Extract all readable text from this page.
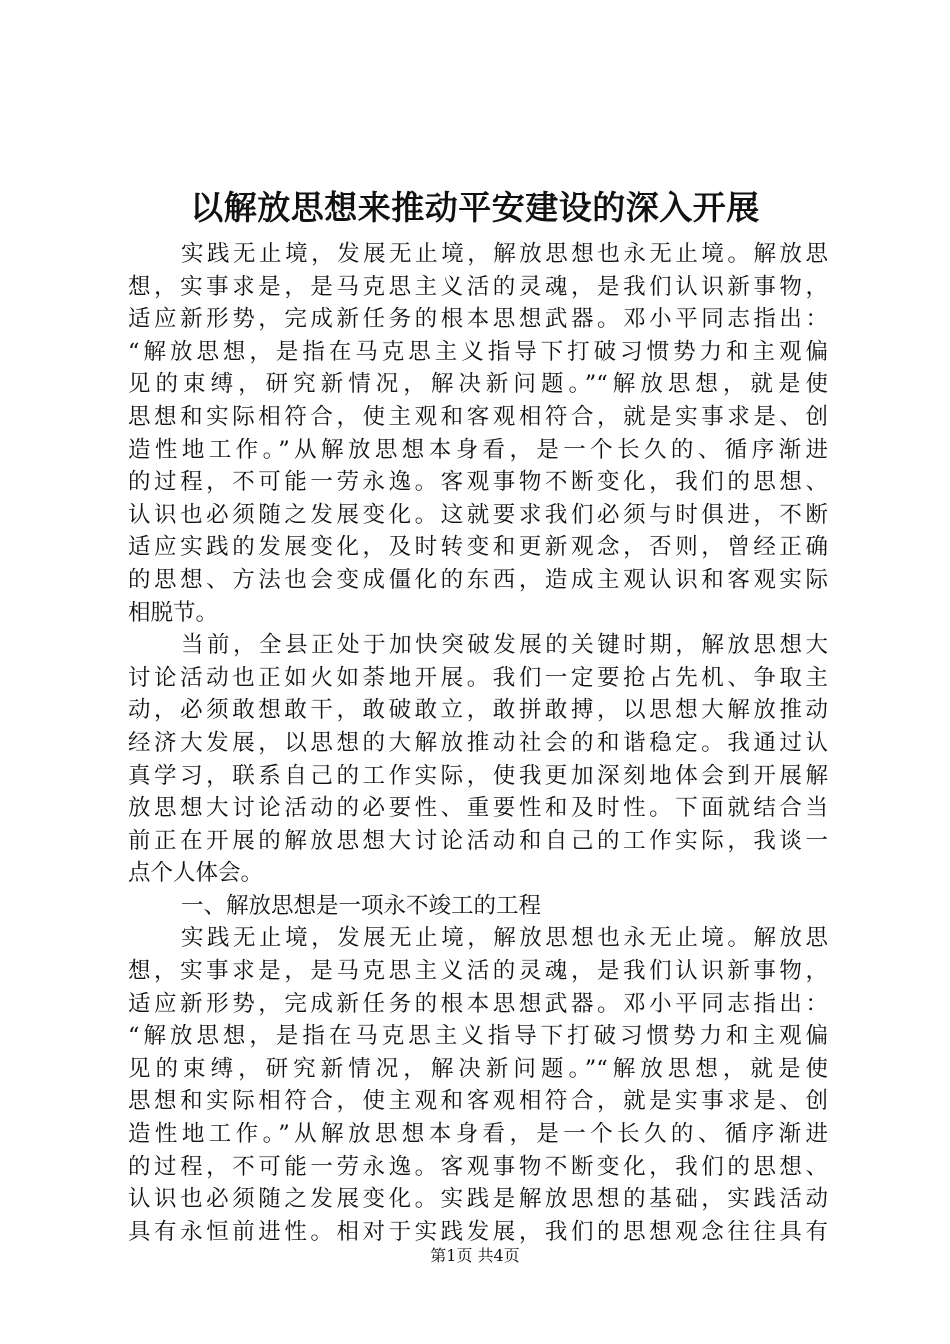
以解放思想来推动平安建设的深入开展
实践无止境，发展无止境，解放思想也永无止境。解放思
想，实事求是，是马克思主义活的灵魂，是我们认识新事物，
适应新形势，完成新任务的根本思想武器。邓小平同志指出：
“解放思想，是指在马克思主义指导下打破习惯势力和主观偏
见的束缚，研究新情况，解决新问题。”“解放思想，就是使
思想和实际相符合，使主观和客观相符合，就是实事求是、创
造性地工作。”从解放思想本身看，是一个长久的、循序渐进
的过程，不可能一劳永逸。客观事物不断变化，我们的思想、
认识也必须随之发展变化。这就要求我们必须与时俱进，不断
适应实践的发展变化，及时转变和更新观念，否则，曾经正确
的思想、方法也会变成僵化的东西，造成主观认识和客观实际
相脱节。
当前，全县正处于加快突破发展的关键时期，解放思想大
讨论活动也正如火如荼地开展。我们一定要抢占先机、争取主
动，必须敢想敢干，敢破敢立，敢拼敢搏，以思想大解放推动
经济大发展，以思想的大解放推动社会的和谐稳定。我通过认
真学习，联系自己的工作实际，使我更加深刻地体会到开展解
放思想大讨论活动的必要性、重要性和及时性。下面就结合当
前正在开展的解放思想大讨论活动和自己的工作实际，我谈一
点个人体会。
一、解放思想是一项永不竣工的工程
实践无止境，发展无止境，解放思想也永无止境。解放思
想，实事求是，是马克思主义活的灵魂，是我们认识新事物，
适应新形势，完成新任务的根本思想武器。邓小平同志指出：
“解放思想，是指在马克思主义指导下打破习惯势力和主观偏
见的束缚，研究新情况，解决新问题。”“解放思想，就是使
思想和实际相符合，使主观和客观相符合，就是实事求是、创
造性地工作。”从解放思想本身看，是一个长久的、循序渐进
的过程，不可能一劳永逸。客观事物不断变化，我们的思想、
认识也必须随之发展变化。实践是解放思想的基础，实践活动
具有永恒前进性。相对于实践发展，我们的思想观念往往具有
第1页 共4页
